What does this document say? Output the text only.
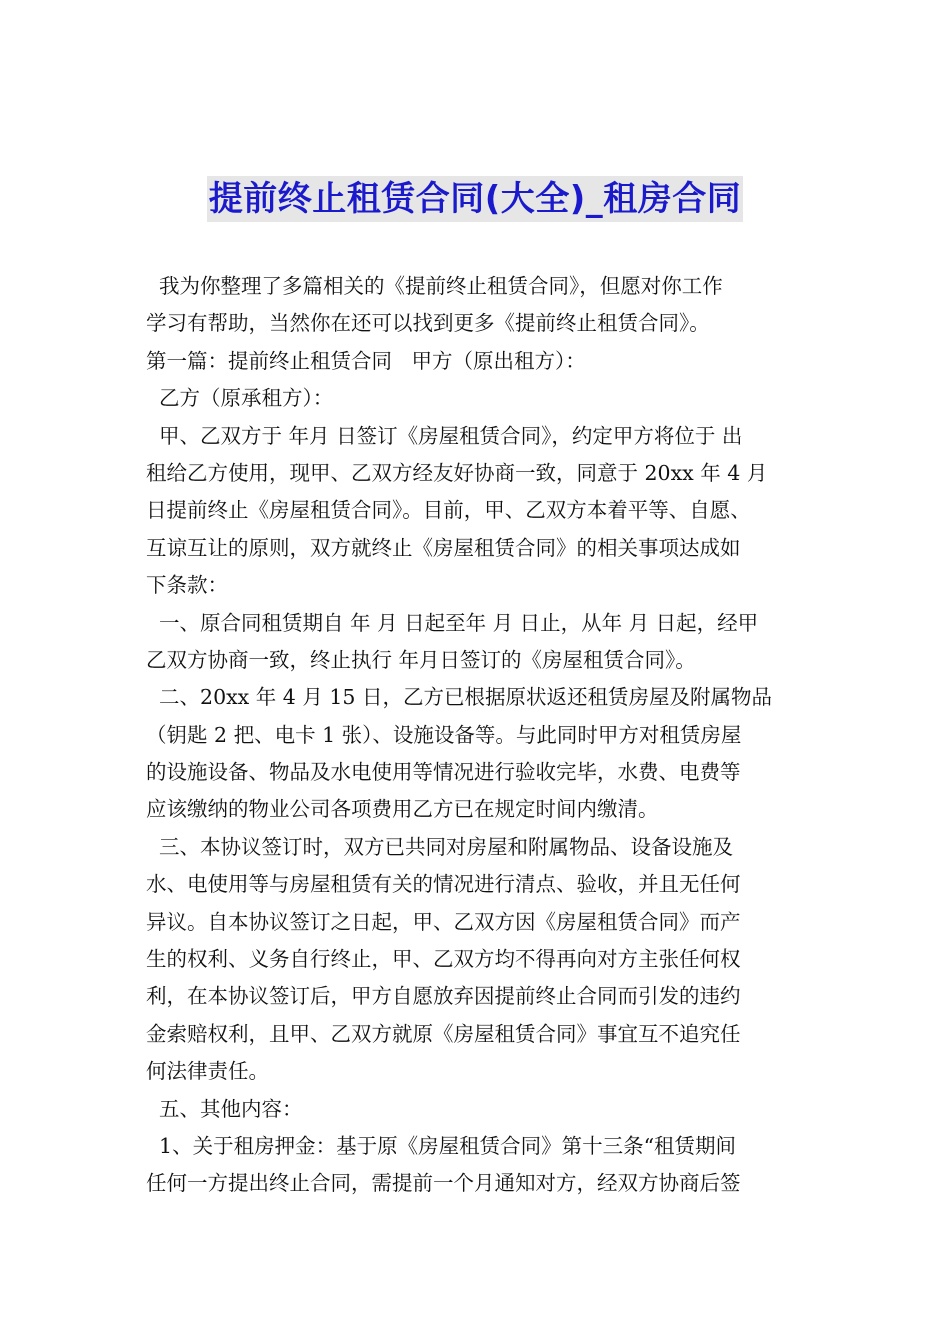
提前终止租赁合同(大全)_租房合同
我为你整理了多篇相关的《提前终止租赁合同》，但愿对你工作
学习有帮助，当然你在还可以找到更多《提前终止租赁合同》。
第一篇：提前终止租赁合同   甲方（原出租方）：
乙方（原承租方）：
甲、乙双方于 年月 日签订《房屋租赁合同》，约定甲方将位于 出
租给乙方使用，现甲、乙双方经友好协商一致，同意于 20xx 年 4 月
日提前终止《房屋租赁合同》。目前，甲、乙双方本着平等、自愿、
互谅互让的原则，双方就终止《房屋租赁合同》的相关事项达成如
下条款：
一、原合同租赁期自 年 月 日起至年 月 日止，从年 月 日起，经甲
乙双方协商一致，终止执行 年月日签订的《房屋租赁合同》。
二、20xx 年 4 月 15 日，乙方已根据原状返还租赁房屋及附属物品
（钥匙 2 把、电卡 1 张）、设施设备等。与此同时甲方对租赁房屋
的设施设备、物品及水电使用等情况进行验收完毕，水费、电费等
应该缴纳的物业公司各项费用乙方已在规定时间内缴清。
三、本协议签订时，双方已共同对房屋和附属物品、设备设施及
水、电使用等与房屋租赁有关的情况进行清点、验收，并且无任何
异议。自本协议签订之日起，甲、乙双方因《房屋租赁合同》而产
生的权利、义务自行终止，甲、乙双方均不得再向对方主张任何权
利，在本协议签订后，甲方自愿放弃因提前终止合同而引发的违约
金索赔权利，且甲、乙双方就原《房屋租赁合同》事宜互不追究任
何法律责任。
五、其他内容：
1、关于租房押金：基于原《房屋租赁合同》第十三条“租赁期间
任何一方提出终止合同，需提前一个月通知对方，经双方协商后签
